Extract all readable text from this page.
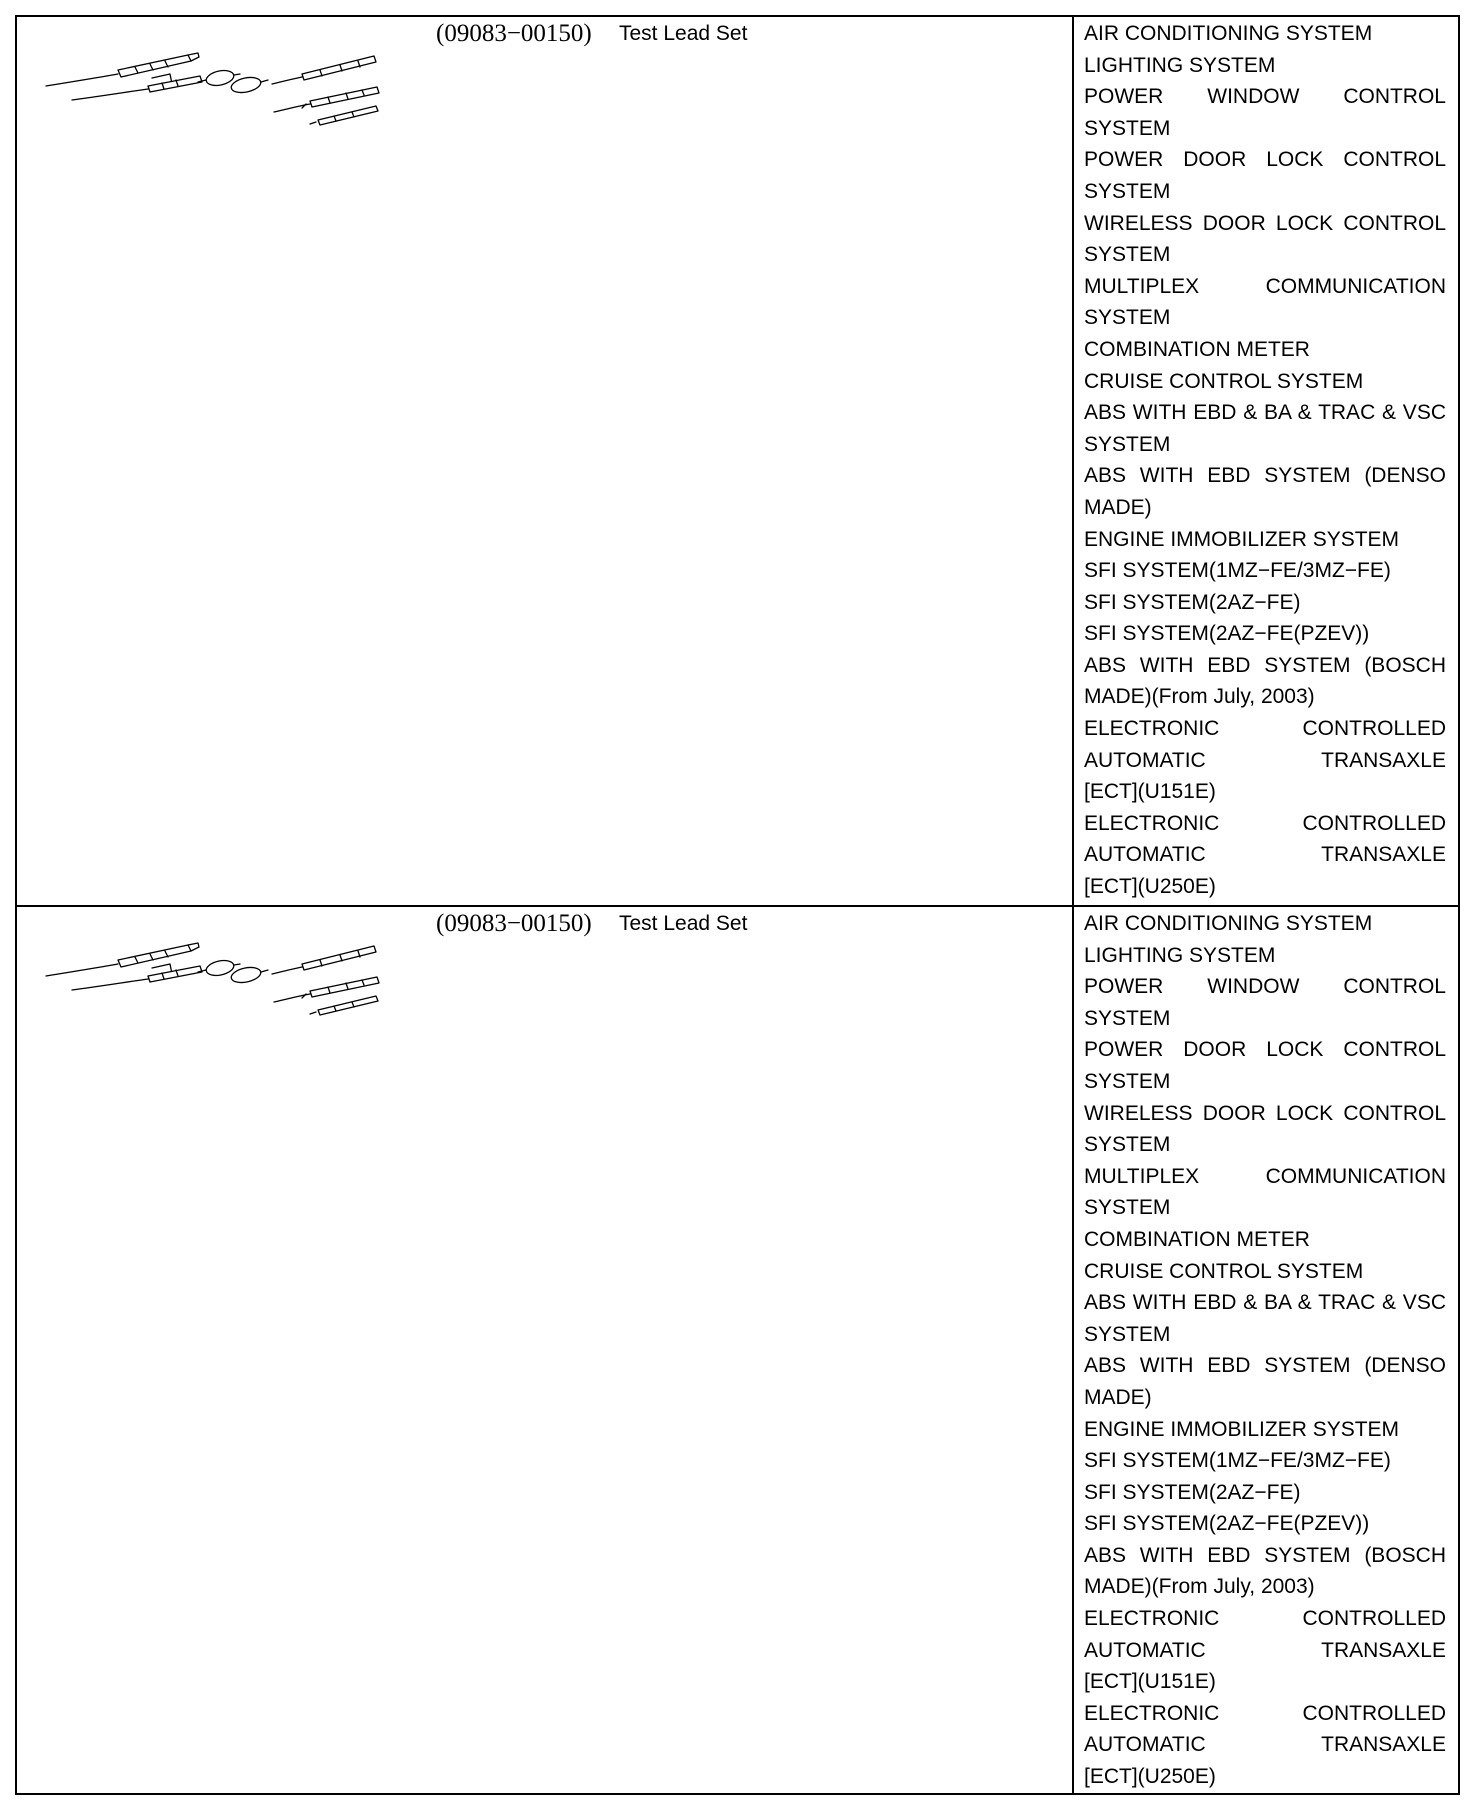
(09083−00150) Test Lead Set	AIR CONDITIONING SYSTEM
LIGHTING SYSTEM
POWER WINDOW CONTROL
SYSTEM
POWER DOOR LOCK CONTROL
SYSTEM
WIRELESS DOOR LOCK CONTROL
SYSTEM
MULTIPLEX COMMUNICATION
SYSTEM
COMBINATION METER
CRUISE CONTROL SYSTEM
ABS WITH EBD & BA & TRAC & VSC
SYSTEM
ABS WITH EBD SYSTEM (DENSO
MADE)
ENGINE IMMOBILIZER SYSTEM
SFI SYSTEM(1MZ−FE/3MZ−FE)
SFI SYSTEM(2AZ−FE)
SFI SYSTEM(2AZ−FE(PZEV))
ABS WITH EBD SYSTEM (BOSCH
MADE)(From July, 2003)
ELECTRONIC CONTROLLED
AUTOMATIC TRANSAXLE
[ECT](U151E)
ELECTRONIC CONTROLLED
AUTOMATIC TRANSAXLE
[ECT](U250E)
(09083−00150) Test Lead Set	AIR CONDITIONING SYSTEM
LIGHTING SYSTEM
POWER WINDOW CONTROL
SYSTEM
POWER DOOR LOCK CONTROL
SYSTEM
WIRELESS DOOR LOCK CONTROL
SYSTEM
MULTIPLEX COMMUNICATION
SYSTEM
COMBINATION METER
CRUISE CONTROL SYSTEM
ABS WITH EBD & BA & TRAC & VSC
SYSTEM
ABS WITH EBD SYSTEM (DENSO
MADE)
ENGINE IMMOBILIZER SYSTEM
SFI SYSTEM(1MZ−FE/3MZ−FE)
SFI SYSTEM(2AZ−FE)
SFI SYSTEM(2AZ−FE(PZEV))
ABS WITH EBD SYSTEM (BOSCH
MADE)(From July, 2003)
ELECTRONIC CONTROLLED
AUTOMATIC TRANSAXLE
[ECT](U151E)
ELECTRONIC CONTROLLED
AUTOMATIC TRANSAXLE
[ECT](U250E)
